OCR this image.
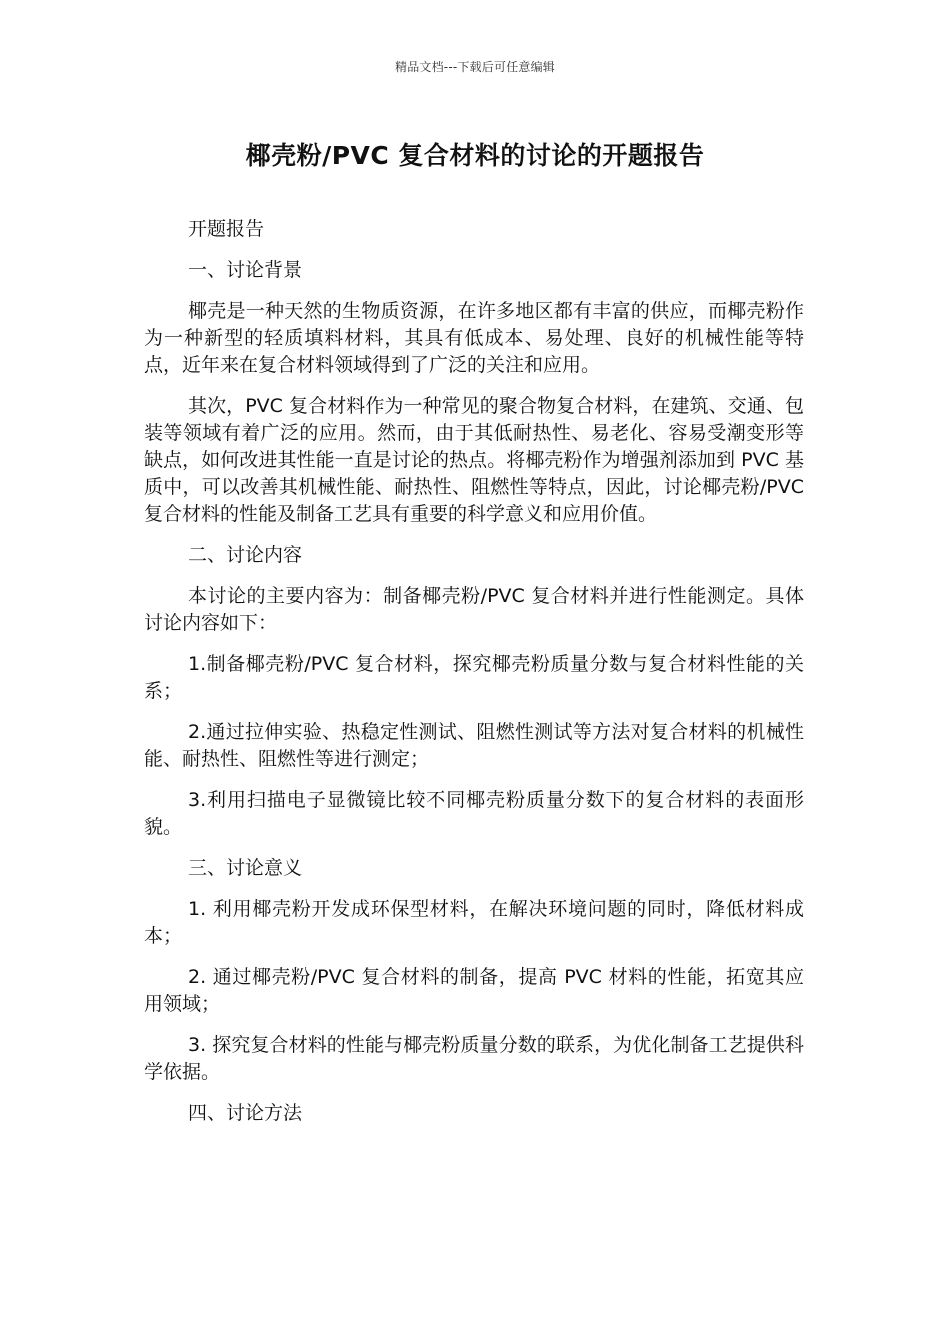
精品文档---下载后可任意编辑
椰壳粉/PVC 复合材料的讨论的开题报告

开题报告

一、讨论背景

椰壳是一种天然的生物质资源，在许多地区都有丰富的供应，而椰壳粉作为一种新型的轻质填料材料，其具有低成本、易处理、良好的机械性能等特点，近年来在复合材料领域得到了广泛的关注和应用。

其次，PVC 复合材料作为一种常见的聚合物复合材料，在建筑、交通、包装等领域有着广泛的应用。然而，由于其低耐热性、易老化、容易受潮变形等缺点，如何改进其性能一直是讨论的热点。将椰壳粉作为增强剂添加到 PVC 基质中，可以改善其机械性能、耐热性、阻燃性等特点，因此，讨论椰壳粉/PVC 复合材料的性能及制备工艺具有重要的科学意义和应用价值。

二、讨论内容

本讨论的主要内容为：制备椰壳粉/PVC 复合材料并进行性能测定。具体讨论内容如下：

1.制备椰壳粉/PVC 复合材料，探究椰壳粉质量分数与复合材料性能的关系；

2.通过拉伸实验、热稳定性测试、阻燃性测试等方法对复合材料的机械性能、耐热性、阻燃性等进行测定；

3.利用扫描电子显微镜比较不同椰壳粉质量分数下的复合材料的表面形貌。

三、讨论意义

1. 利用椰壳粉开发成环保型材料，在解决环境问题的同时，降低材料成本；

2. 通过椰壳粉/PVC 复合材料的制备，提高 PVC 材料的性能，拓宽其应用领域；

3. 探究复合材料的性能与椰壳粉质量分数的联系，为优化制备工艺提供科学依据。

四、讨论方法
